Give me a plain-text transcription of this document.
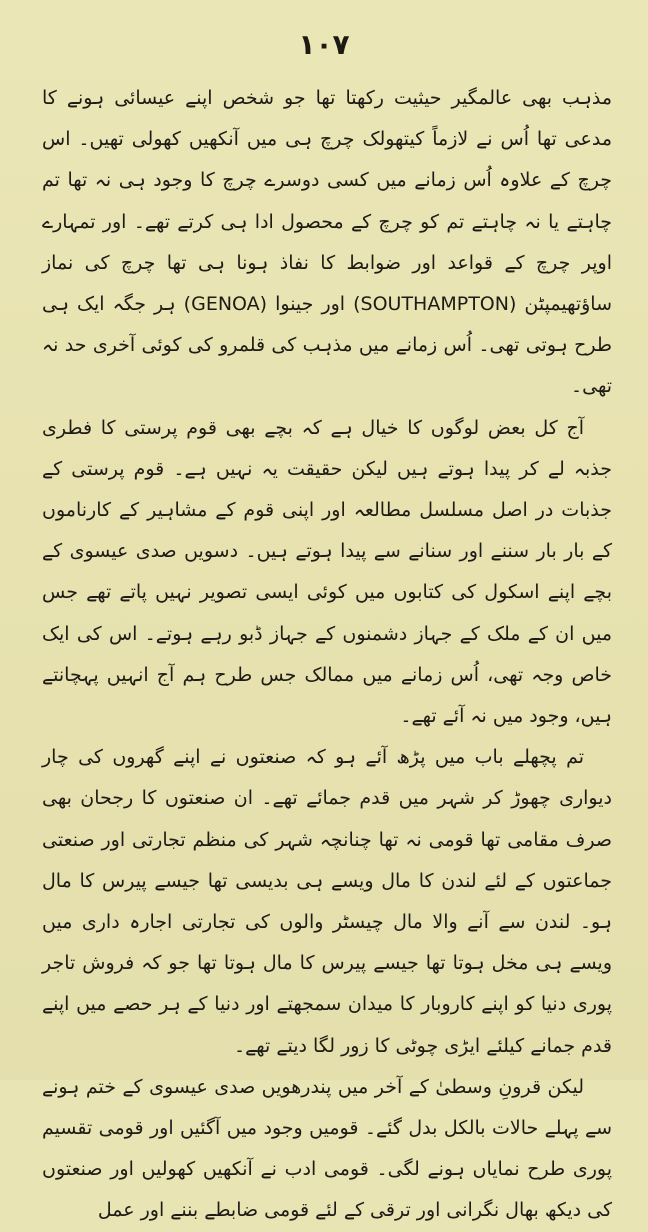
۱۰۷

مذہب بھی عالمگیر حیثیت رکھتا تھا جو شخص اپنے عیسائی ہونے کا مدعی تھا اُس نے لازماً کیتھولک چرچ ہی میں آنکھیں کھولی تھیں۔ اس چرچ کے علاوہ اُس زمانے میں کسی دوسرے چرچ کا وجود ہی نہ تھا تم چاہتے یا نہ چاہتے تم کو چرچ کے محصول ادا ہی کرتے تھے۔ اور تمہارے اوپر چرچ کے قواعد اور ضوابط کا نفاذ ہونا ہی تھا چرچ کی نماز ساؤتھیمپٹن (SOUTHAMPTON) اور جینوا (GENOA) ہر جگہ ایک ہی طرح ہوتی تھی۔ اُس زمانے میں مذہب کی قلمرو کی کوئی آخری حد نہ تھی۔

آج کل بعض لوگوں کا خیال ہے کہ بچے بھی قوم پرستی کا فطری جذبہ لے کر پیدا ہوتے ہیں لیکن حقیقت یہ نہیں ہے۔ قوم پرستی کے جذبات در اصل مسلسل مطالعہ اور اپنی قوم کے مشاہیر کے کارناموں کے بار بار سننے اور سنانے سے پیدا ہوتے ہیں۔ دسویں صدی عیسوی کے بچے اپنے اسکول کی کتابوں میں کوئی ایسی تصویر نہیں پاتے تھے جس میں ان کے ملک کے جہاز دشمنوں کے جہاز ڈبو رہے ہوتے۔ اس کی ایک خاص وجہ تھی، اُس زمانے میں ممالک جس طرح ہم آج انہیں پہچانتے ہیں، وجود میں نہ آئے تھے۔

تم پچھلے باب میں پڑھ آئے ہو کہ صنعتوں نے اپنے گھروں کی چار دیواری چھوڑ کر شہر میں قدم جمائے تھے۔ ان صنعتوں کا رجحان بھی صرف مقامی تھا قومی نہ تھا چنانچہ شہر کی منظم تجارتی اور صنعتی جماعتوں کے لئے لندن کا مال ویسے ہی بدیسی تھا جیسے پیرس کا مال ہو۔ لندن سے آنے والا مال چیسٹر والوں کی تجارتی اجارہ داری میں ویسے ہی مخل ہوتا تھا جیسے پیرس کا مال ہوتا تھا جو کہ فروش تاجر پوری دنیا کو اپنے کاروبار کا میدان سمجھتے اور دنیا کے ہر حصے میں اپنے قدم جمانے کیلئے ایڑی چوٹی کا زور لگا دیتے تھے۔

لیکن قرونِ وسطیٰ کے آخر میں پندرھویں صدی عیسوی کے ختم ہونے سے پہلے حالات بالکل بدل گئے۔ قومیں وجود میں آگئیں اور قومی تقسیم پوری طرح نمایاں ہونے لگی۔ قومی ادب نے آنکھیں کھولیں اور صنعتوں کی دیکھ بھال نگرانی اور ترقی کے لئے قومی ضابطے بننے اور عمل
